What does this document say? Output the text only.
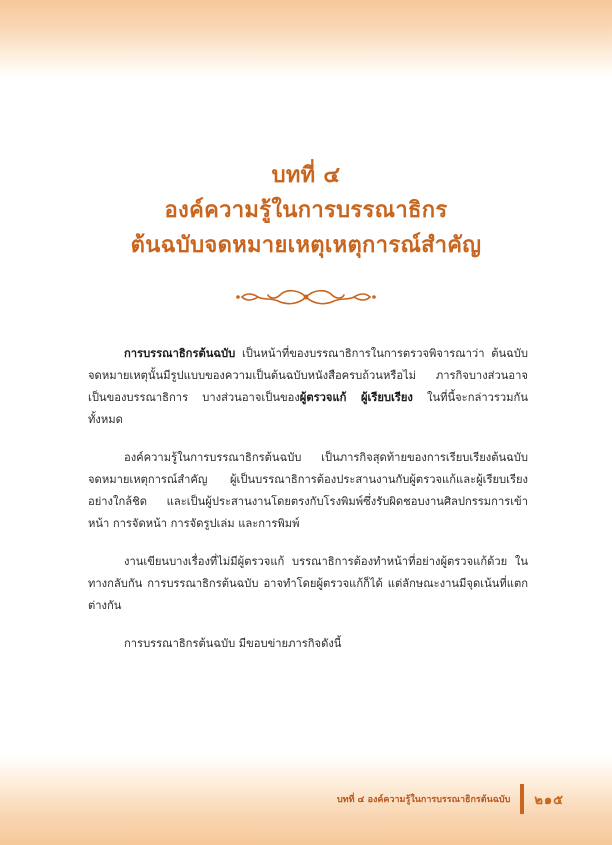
บทที่ ๔
องค์ความรู้ในการบรรณาธิกร
ต้นฉบับจดหมายเหตุเหตุการณ์สำคัญ

การบรรณาธิกรต้นฉบับ เป็นหน้าที่ของบรรณาธิการในการตรวจพิจารณาว่า ต้นฉบับจดหมายเหตุนั้นมีรูปแบบของความเป็นต้นฉบับหนังสือครบถ้วนหรือไม่ ภารกิจบางส่วนอาจเป็นของบรรณาธิการ บางส่วนอาจเป็นของผู้ตรวจแก้ ผู้เรียบเรียง ในที่นี้จะกล่าวรวมกันทั้งหมด

องค์ความรู้ในการบรรณาธิกรต้นฉบับ เป็นภารกิจสุดท้ายของการเรียบเรียงต้นฉบับจดหมายเหตุการณ์สำคัญ ผู้เป็นบรรณาธิการต้องประสานงานกับผู้ตรวจแก้และผู้เรียบเรียงอย่างใกล้ชิด และเป็นผู้ประสานงานโดยตรงกับโรงพิมพ์ซึ่งรับผิดชอบงานศิลปกรรมการเข้าหน้า การจัดหน้า การจัดรูปเล่ม และการพิมพ์

งานเขียนบางเรื่องที่ไม่มีผู้ตรวจแก้ บรรณาธิการต้องทำหน้าที่อย่างผู้ตรวจแก้ด้วย ในทางกลับกัน การบรรณาธิกรต้นฉบับ อาจทำโดยผู้ตรวจแก้ก็ได้ แต่ลักษณะงานมีจุดเน้นที่แตกต่างกัน

การบรรณาธิกรต้นฉบับ มีขอบข่ายภารกิจดังนี้

บทที่ ๔ องค์ความรู้ในการบรรณาธิกรต้นฉบับ ๒๑๕
